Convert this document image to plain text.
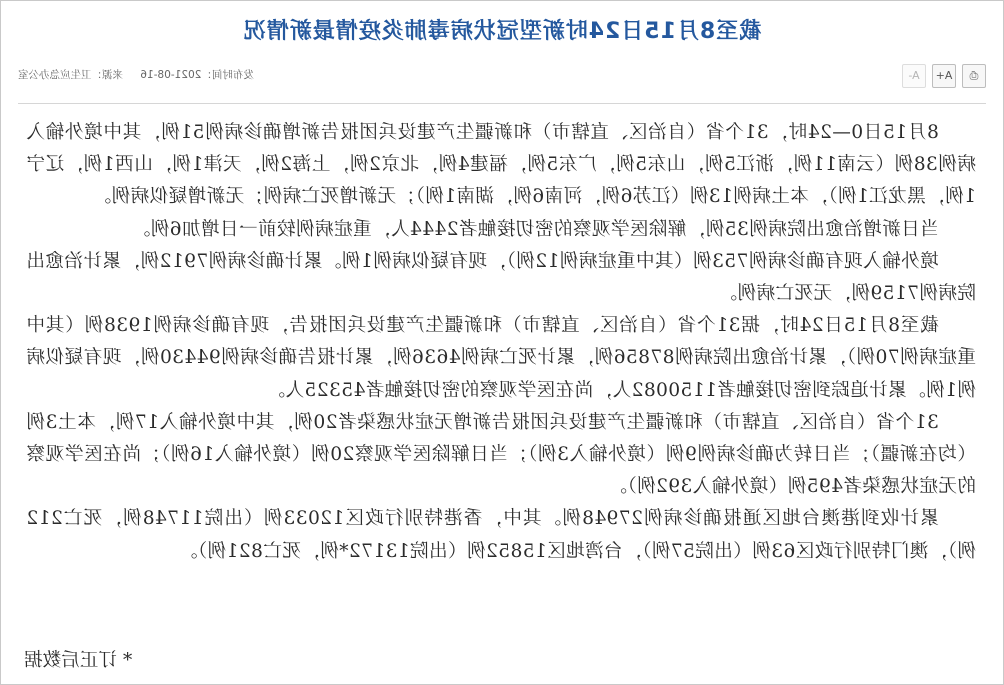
截至8月15日24时新型冠状病毒肺炎疫情最新情况
⎙
A+
A-
发布时间：2021-08-16 来源：卫生应急办公室

8月15日0—24时，31个省（自治区、直辖市）和新疆生产建设兵团报告新增确诊病例51例，其中境外输入病例38例（云南11例，浙江5例，山东5例，广东5例，福建4例，北京2例，上海2例，天津1例，山西1例，辽宁1例，黑龙江1例），本土病例13例（江苏6例，河南6例，湖南1例）；无新增死亡病例；无新增疑似病例。

当日新增治愈出院病例35例，解除医学观察的密切接触者2444人，重症病例较前一日增加6例。

境外输入现有确诊病例753例（其中重症病例12例），现有疑似病例1例。累计确诊病例7912例，累计治愈出院病例7159例，无死亡病例。

截至8月15日24时，据31个省（自治区、直辖市）和新疆生产建设兵团报告，现有确诊病例1938例（其中重症病例70例），累计治愈出院病例87856例，累计死亡病例4636例，累计报告确诊病例94430例，现有疑似病例1例。累计追踪到密切接触者1150082人，尚在医学观察的密切接触者45325人。

31个省（自治区、直辖市）和新疆生产建设兵团报告新增无症状感染者20例，其中境外输入17例，本土3例（均在新疆）；当日转为确诊病例9例（境外输入3例）；当日解除医学观察20例（境外输入16例）；尚在医学观察的无症状感染者495例（境外输入392例）。

累计收到港澳台地区通报确诊病例27948例。其中，香港特别行政区12033例（出院11748例，死亡212例），澳门特别行政区63例（出院57例），台湾地区15852例（出院13172*例，死亡821例）。

* 订正后数据
